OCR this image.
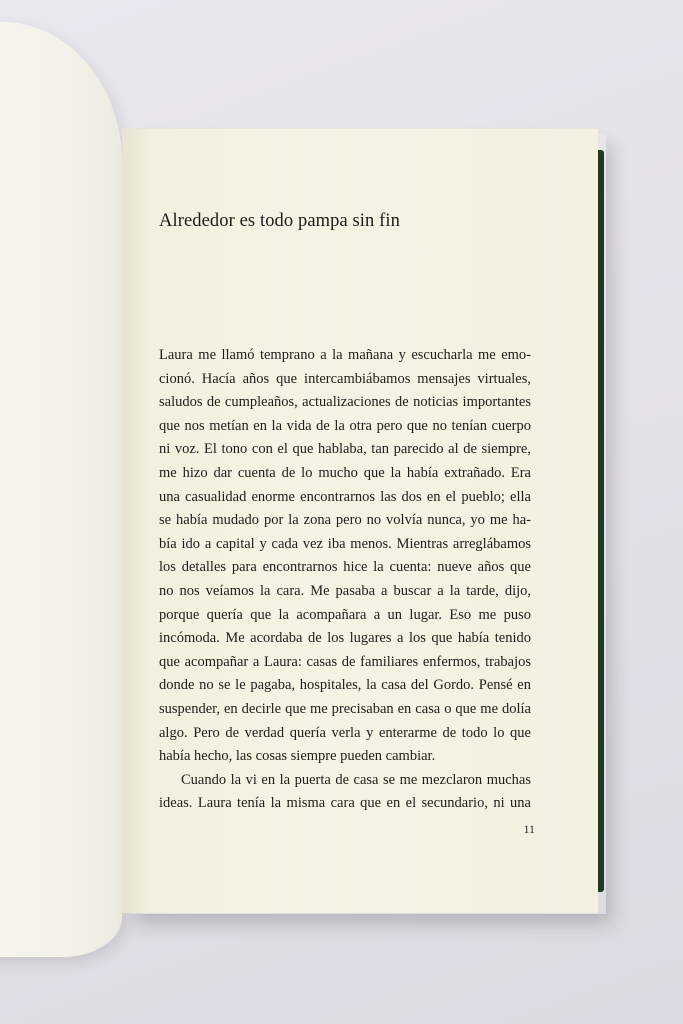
Alrededor es todo pampa sin fin
Laura me llamó temprano a la mañana y escucharla me emo-
cionó. Hacía años que intercambiábamos mensajes virtuales,
saludos de cumpleaños, actualizaciones de noticias importantes
que nos metían en la vida de la otra pero que no tenían cuerpo
ni voz. El tono con el que hablaba, tan parecido al de siempre,
me hizo dar cuenta de lo mucho que la había extrañado. Era
una casualidad enorme encontrarnos las dos en el pueblo; ella
se había mudado por la zona pero no volvía nunca, yo me ha-
bía ido a capital y cada vez iba menos. Mientras arreglábamos
los detalles para encontrarnos hice la cuenta: nueve años que
no nos veíamos la cara. Me pasaba a buscar a la tarde, dijo,
porque quería que la acompañara a un lugar. Eso me puso
incómoda. Me acordaba de los lugares a los que había tenido
que acompañar a Laura: casas de familiares enfermos, trabajos
donde no se le pagaba, hospitales, la casa del Gordo. Pensé en
suspender, en decirle que me precisaban en casa o que me dolía
algo. Pero de verdad quería verla y enterarme de todo lo que
había hecho, las cosas siempre pueden cambiar.
Cuando la vi en la puerta de casa se me mezclaron muchas
ideas. Laura tenía la misma cara que en el secundario, ni una
11
